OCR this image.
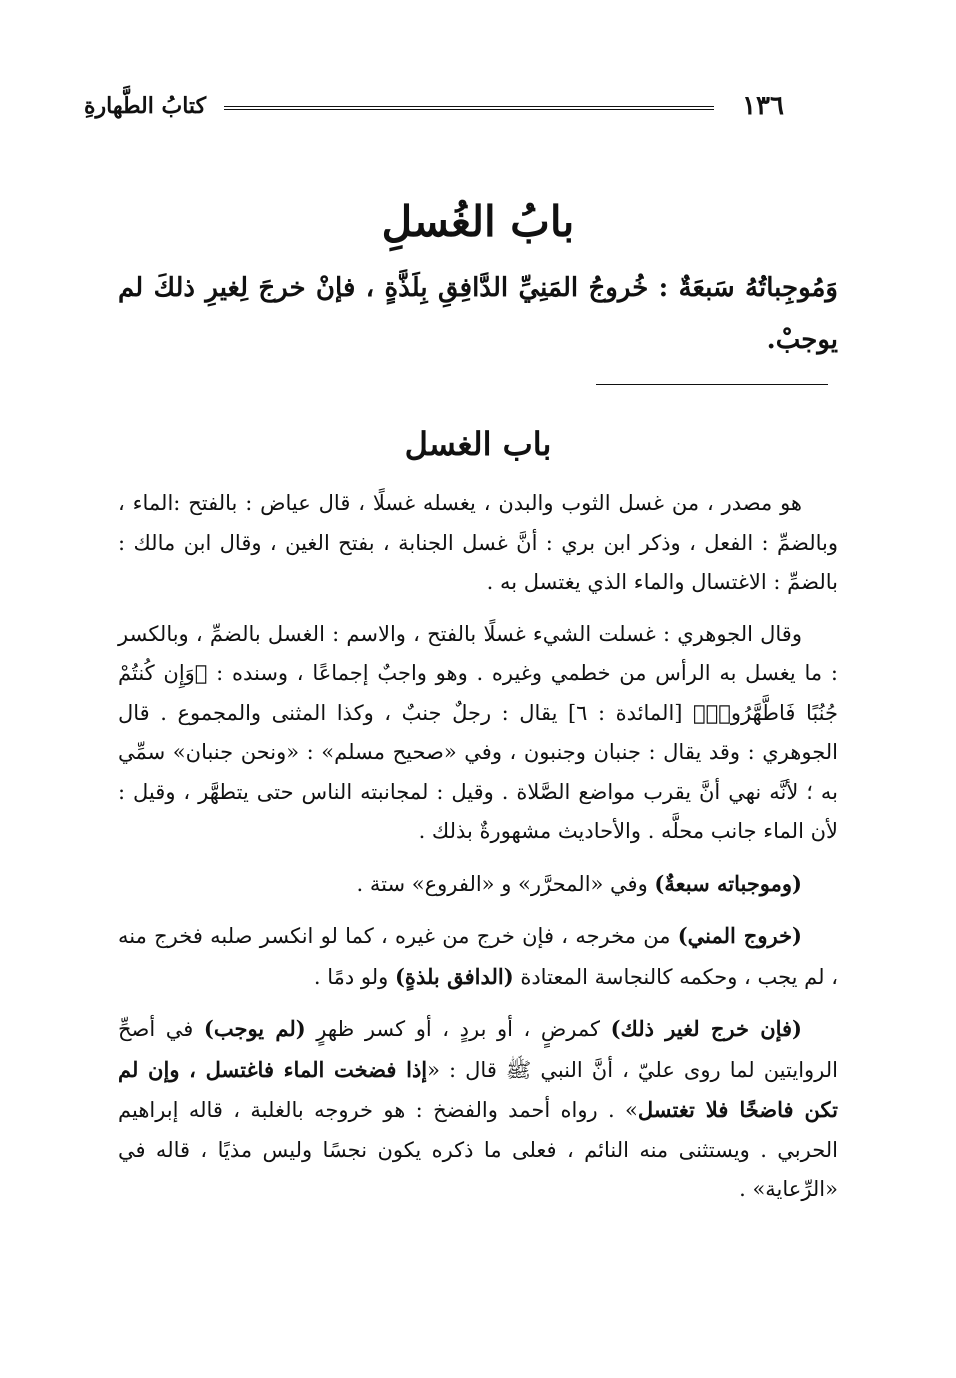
١٣٦
كتابُ الطَّهارةِ
بابُ الغُسلِ
وَمُوجِباتُهُ سَبعَةٌ : خُروجُ المَنِيِّ الدَّافِقِ بِلَذَّةٍ ، فإنْ خرجَ لِغيرِ ذلكَ لم يوجبْ.
باب الغسل

هو مصدر ، من غسل الثوب والبدن ، يغسله غسلًا ، قال عياض : بالفتح :الماء ، وبالضمِّ : الفعل ، وذكر ابن بري : أنَّ غسل الجنابة ، بفتح الغين ، وقال ابن مالك : بالضمِّ : الاغتسال والماء الذي يغتسل به .

وقال الجوهري : غسلت الشيء غسلًا بالفتح ، والاسم : الغسل بالضمِّ ، وبالكسر : ما يغسل به الرأس من خطمي وغيره . وهو واجبٌ إجماعًا ، وسنده : ﴿وَإِن كُنتُمْ جُنُبًا فَاطَّهَّرُوا۟﴾ [المائدة : ٦] يقال : رجلٌ جنبٌ ، وكذا المثنى والمجموع . قال الجوهري : وقد يقال : جنبان وجنبون ، وفي «صحيح مسلم» : «ونحن جنبان» سمِّي به ؛ لأنَّه نهي أنَّ يقرب مواضع الصَّلاة . وقيل : لمجانبته الناس حتى يتطهَّر ، وقيل : لأن الماء جانب محلَّه . والأحاديث مشهورةٌ بذلك .

(وموجباته سبعةٌ) وفي «المحرَّر» و «الفروع» ستة .

(خروج المني) من مخرجه ، فإن خرج من غيره ، كما لو انكسر صلبه فخرج منه ، لم يجب ، وحكمه كالنجاسة المعتادة (الدافق بلذةٍ) ولو دمًا .

(فإن خرج لغير ذلك) كمرضٍ ، أو بردٍ ، أو كسر ظهرٍ (لم يوجب) في أصحِّ الروايتين لما روى عليّ ، أنَّ النبي ﷺ قال : «إذا فضخت الماء فاغتسل ، وإن لم تكن فاضخًا فلا تغتسل» . رواه أحمد والفضخ : هو خروجه بالغلبة ، قاله إبراهيم الحربي . ويستثنى منه النائم ، فعلى ما ذكره يكون نجسًا وليس مذيًا ، قاله في «الرِّعاية» .
